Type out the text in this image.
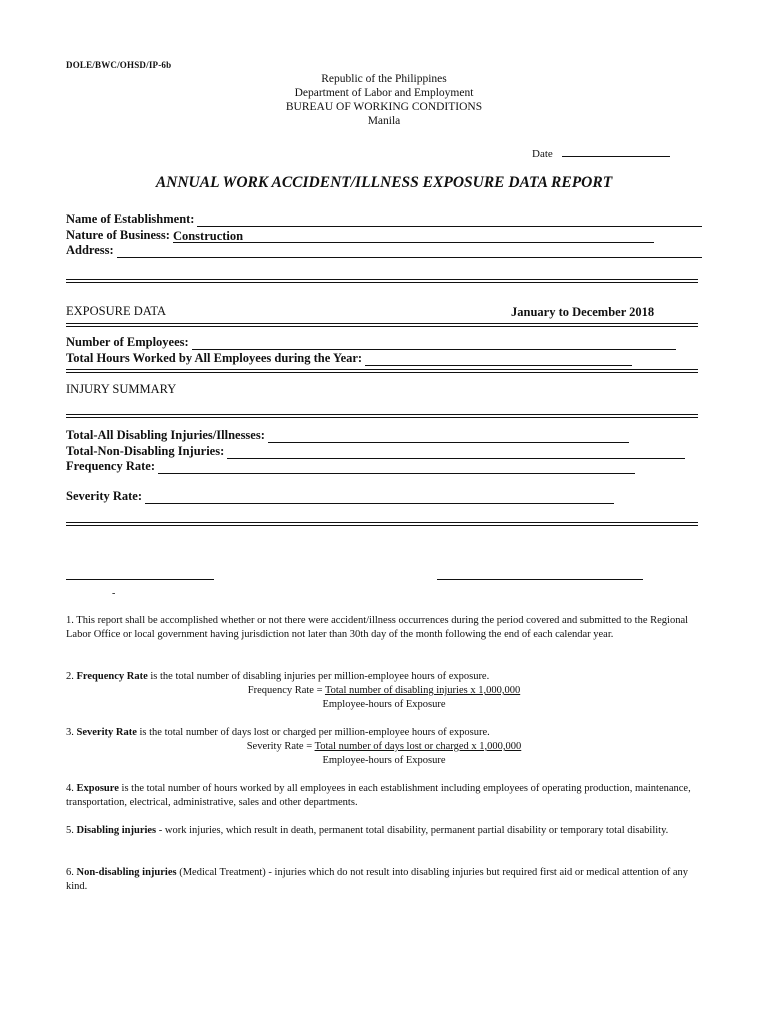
DOLE/BWC/OHSD/IP-6b
Republic of the Philippines
Department of Labor and Employment
BUREAU OF WORKING CONDITIONS
Manila
Date
ANNUAL WORK ACCIDENT/ILLNESS EXPOSURE DATA REPORT
Name of Establishment:
Nature of Business: Construction
Address:
EXPOSURE DATA	January to December 2018
Number of Employees:
Total Hours Worked by All Employees during the Year:
INJURY SUMMARY
Total-All Disabling Injuries/Illnesses:
Total-Non-Disabling Injuries:
Frequency Rate:
Severity Rate:
-
1. This report shall be accomplished whether or not there were accident/illness occurrences during the period covered and submitted to the Regional Labor Office or local government having jurisdiction not later than 30th day of the month following the end of each calendar year.
2. Frequency Rate is the total number of disabling injuries per million-employee hours of exposure.
Frequency Rate = Total number of disabling injuries x 1,000,000
Employee-hours of Exposure
3. Severity Rate is the total number of days lost or charged per million-employee hours of exposure.
Severity Rate = Total number of days lost or charged x 1,000,000
Employee-hours of Exposure
4. Exposure is the total number of hours worked by all employees in each establishment including employees of operating production, maintenance, transportation, electrical, administrative, sales and other departments.
5. Disabling injuries - work injuries, which result in death, permanent total disability, permanent partial disability or temporary total disability.
6. Non-disabling injuries (Medical Treatment) - injuries which do not result into disabling injuries but required first aid or medical attention of any kind.
